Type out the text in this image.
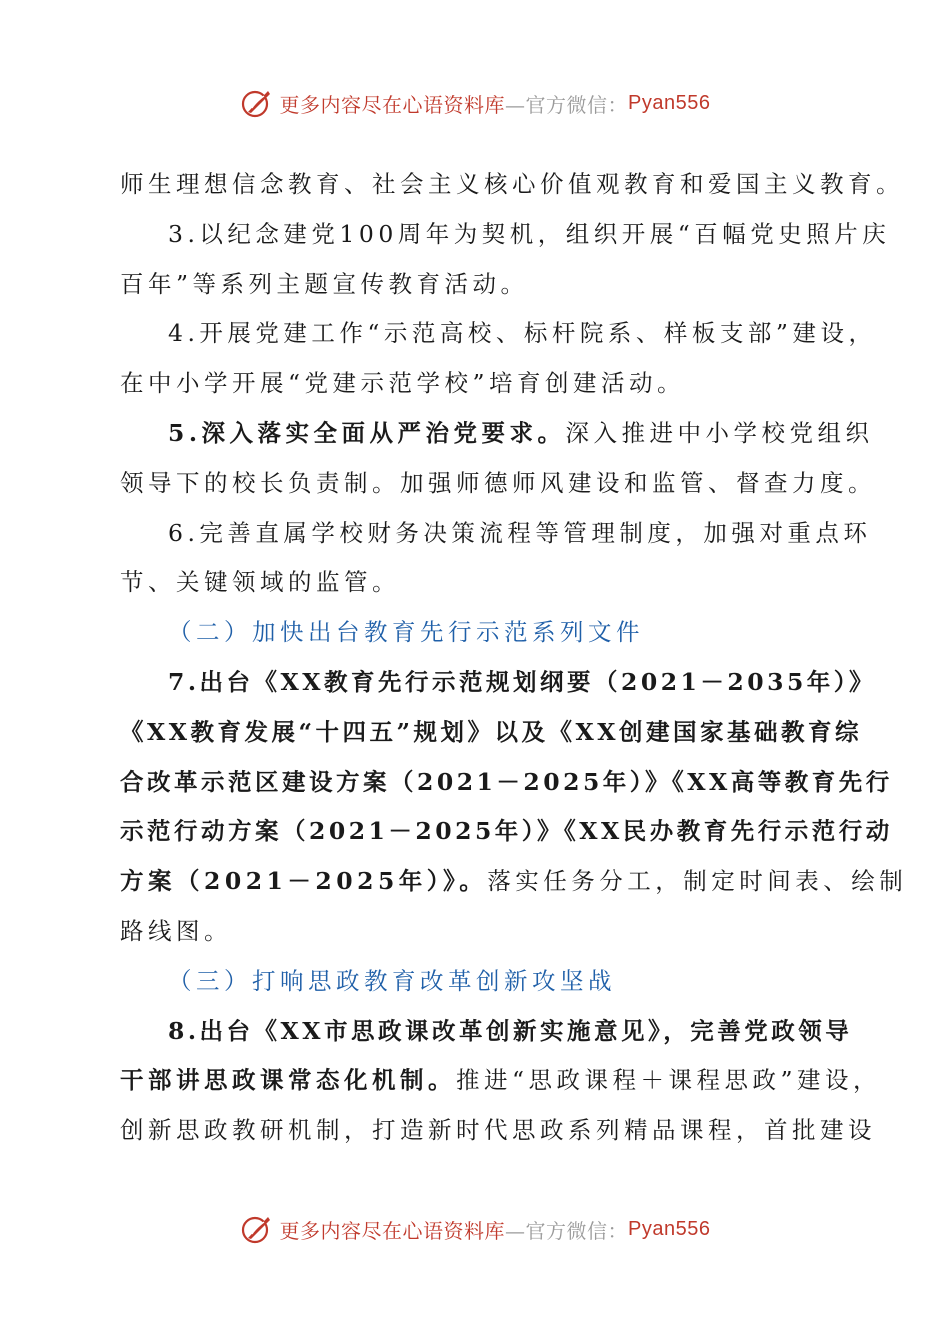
更多内容尽在心语资料库 —官方微信： Pyan556
师生理想信念教育、社会主义核心价值观教育和爱国主义教育。
3.以纪念建党100周年为契机，组织开展“百幅党史照片庆
百年”等系列主题宣传教育活动。
4.开展党建工作“示范高校、标杆院系、样板支部”建设，
在中小学开展“党建示范学校”培育创建活动。
5.深入落实全面从严治党要求。深入推进中小学校党组织
领导下的校长负责制。加强师德师风建设和监管、督查力度。
6.完善直属学校财务决策流程等管理制度，加强对重点环
节、关键领域的监管。
（二）加快出台教育先行示范系列文件
7.出台《XX教育先行示范规划纲要（2021－2035年）》
《XX教育发展“十四五”规划》以及《XX创建国家基础教育综
合改革示范区建设方案（2021－2025年）》《XX高等教育先行
示范行动方案（2021－2025年）》《XX民办教育先行示范行动
方案（2021－2025年）》。落实任务分工，制定时间表、绘制
路线图。
（三）打响思政教育改革创新攻坚战
8.出台《XX市思政课改革创新实施意见》，完善党政领导
干部讲思政课常态化机制。推进“思政课程＋课程思政”建设，
创新思政教研机制，打造新时代思政系列精品课程，首批建设
更多内容尽在心语资料库 —官方微信： Pyan556
